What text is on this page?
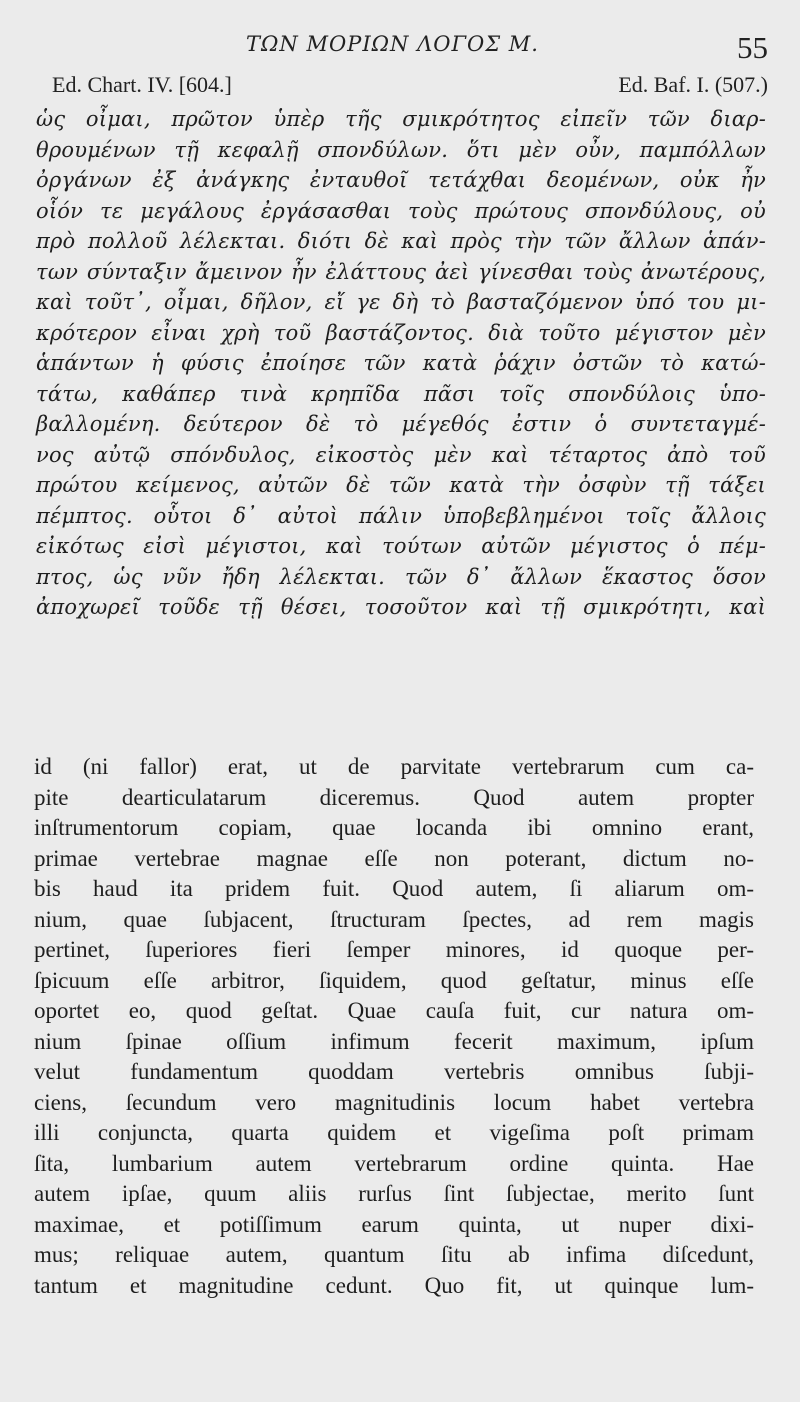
ΤΩΝ ΜΟΡΙΩΝ ΛΟΓΟΣ Μ.	55
Ed. Chart. IV. [604.]	Ed. Baf. I. (507.)
ὡς οἶμαι, πρῶτον ὑπὲρ τῆς σμικρότητος εἰπεῖν τῶν διαρ-
θρουμένων τῇ κεφαλῇ σπονδύλων. ὅτι μὲν οὖν, παμπόλλων
ὀργάνων ἐξ ἀνάγκης ἐνταυθοῖ τετάχθαι δεομένων, οὐκ ἦν
οἷόν τε μεγάλους ἐργάσασθαι τοὺς πρώτους σπονδύλους, οὐ
πρὸ πολλοῦ λέλεκται. διότι δὲ καὶ πρὸς τὴν τῶν ἄλλων ἁπάν-
των σύνταξιν ἄμεινον ἦν ἐλάττους ἀεὶ γίνεσθαι τοὺς ἀνωτέρους,
καὶ τοῦτ᾽, οἶμαι, δῆλον, εἴ γε δὴ τὸ βασταζόμενον ὑπό του μι-
κρότερον εἶναι χρὴ τοῦ βαστάζοντος. διὰ τοῦτο μέγιστον μὲν
ἁπάντων ἡ φύσις ἐποίησε τῶν κατὰ ῥάχιν ὀστῶν τὸ κατώ-
τάτω, καθάπερ τινὰ κρηπῖδα πᾶσι τοῖς σπονδύλοις ὑπο-
βαλλομένη. δεύτερον δὲ τὸ μέγεθός ἐστιν ὁ συντεταγμέ-
νος αὐτῷ σπόνδυλος, εἰκοστὸς μὲν καὶ τέταρτος ἀπὸ τοῦ
πρώτου κείμενος, αὐτῶν δὲ τῶν κατὰ τὴν ὀσφὺν τῇ τάξει
πέμπτος. οὗτοι δ᾽ αὐτοὶ πάλιν ὑποβεβλημένοι τοῖς ἄλλοις
εἰκότως εἰσὶ μέγιστοι, καὶ τούτων αὐτῶν μέγιστος ὁ πέμ-
πτος, ὡς νῦν ἤδη λέλεκται. τῶν δ᾽ ἄλλων ἕκαστος ὅσον
ἀποχωρεῖ τοῦδε τῇ θέσει, τοσοῦτον καὶ τῇ σμικρότητι, καὶ
id (ni fallor) erat, ut de parvitate vertebrarum cum ca-
pite dearticulatarum diceremus. Quod autem propter
inſtrumentorum copiam, quae locanda ibi omnino erant,
primae vertebrae magnae eſſe non poterant, dictum no-
bis haud ita pridem fuit. Quod autem, ſi aliarum om-
nium, quae ſubjacent, ſtructuram ſpectes, ad rem magis
pertinet, ſuperiores fieri ſemper minores, id quoque per-
ſpicuum eſſe arbitror, ſiquidem, quod geſtatur, minus eſſe
oportet eo, quod geſtat. Quae cauſa fuit, cur natura om-
nium ſpinae oſſium infimum fecerit maximum, ipſum
velut fundamentum quoddam vertebris omnibus ſubji-
ciens, ſecundum vero magnitudinis locum habet vertebra
illi conjuncta, quarta quidem et vigeſima poſt primam
ſita, lumbarium autem vertebrarum ordine quinta. Hae
autem ipſae, quum aliis rurſus ſint ſubjectae, merito ſunt
maximae, et potiſſimum earum quinta, ut nuper dixi-
mus; reliquae autem, quantum ſitu ab infima diſcedunt,
tantum et magnitudine cedunt. Quo fit, ut quinque lum-
